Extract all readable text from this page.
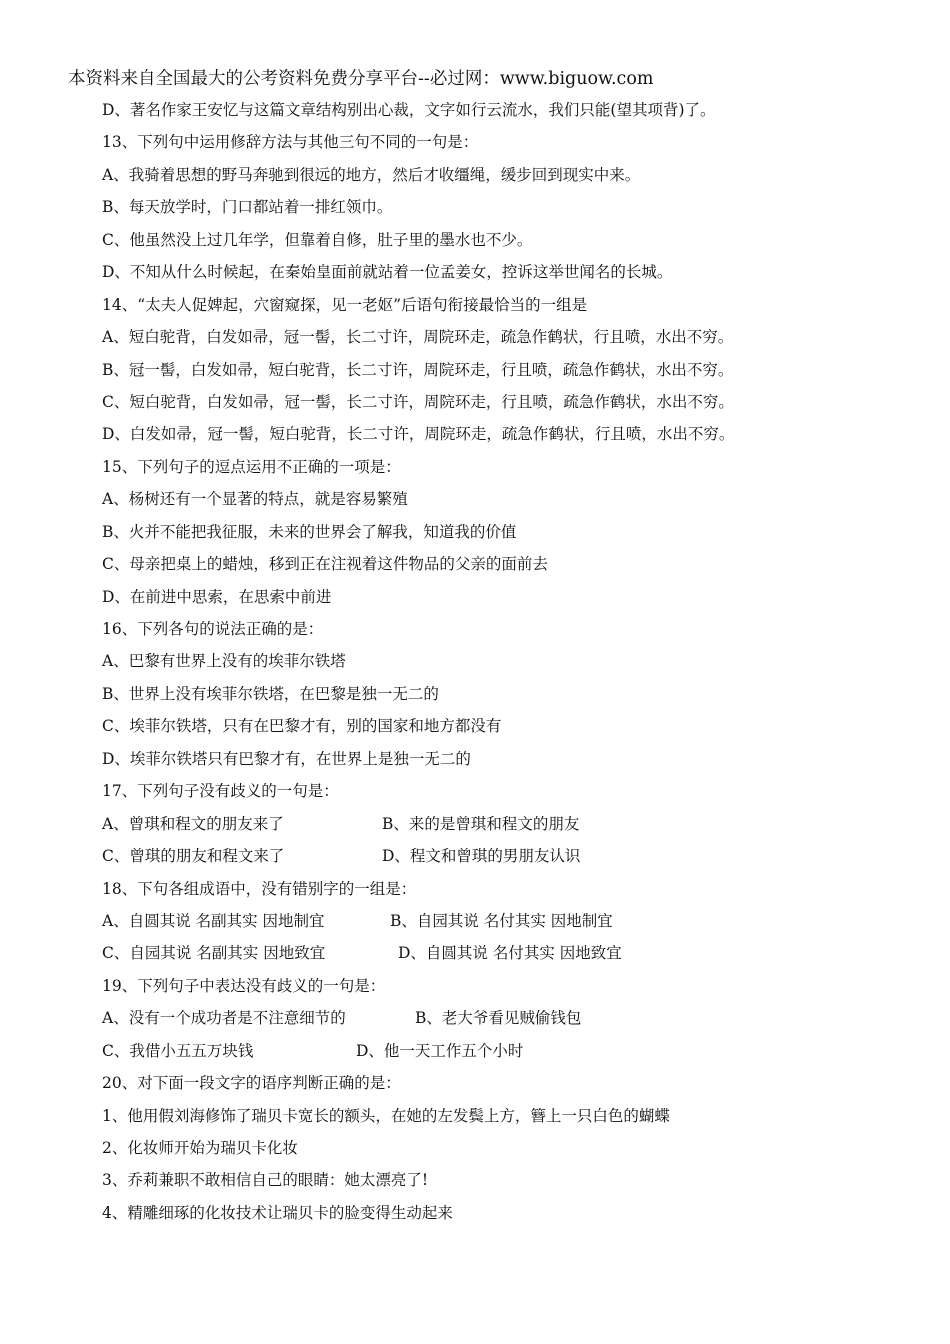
本资料来自全国最大的公考资料免费分享平台--必过网：www.biguow.com
D、著名作家王安忆与这篇文章结构别出心裁，文字如行云流水，我们只能(望其项背)了。
13、下列句中运用修辞方法与其他三句不同的一句是：
A、我骑着思想的野马奔驰到很远的地方，然后才收缰绳，缓步回到现实中来。
B、每天放学时，门口都站着一排红领巾。
C、他虽然没上过几年学，但靠着自修，肚子里的墨水也不少。
D、不知从什么时候起，在秦始皇面前就站着一位孟姜女，控诉这举世闻名的长城。
14、“太夫人促婢起，穴窗窥探，见一老妪”后语句衔接最恰当的一组是
A、短白驼背，白发如帚，冠一髻，长二寸许，周院环走，疏急作鹤状，行且喷，水出不穷。
B、冠一髻，白发如帚，短白驼背，长二寸许，周院环走，行且喷，疏急作鹤状，水出不穷。
C、短白驼背，白发如帚，冠一髻，长二寸许，周院环走，行且喷，疏急作鹤状，水出不穷。
D、白发如帚，冠一髻，短白驼背，长二寸许，周院环走，疏急作鹤状，行且喷，水出不穷。
15、下列句子的逗点运用不正确的一项是：
A、杨树还有一个显著的特点，就是容易繁殖
B、火并不能把我征服，未来的世界会了解我，知道我的价值
C、母亲把桌上的蜡烛，移到正在注视着这件物品的父亲的面前去
D、在前进中思索，在思索中前进
16、下列各句的说法正确的是：
A、巴黎有世界上没有的埃菲尔铁塔
B、世界上没有埃菲尔铁塔，在巴黎是独一无二的
C、埃菲尔铁塔，只有在巴黎才有，别的国家和地方都没有
D、埃菲尔铁塔只有巴黎才有，在世界上是独一无二的
17、下列句子没有歧义的一句是：
A、曾琪和程文的朋友来了	B、来的是曾琪和程文的朋友
C、曾琪的朋友和程文来了	D、程文和曾琪的男朋友认识
18、下句各组成语中，没有错别字的一组是：
A、自圆其说 名副其实 因地制宜	B、自园其说 名付其实 因地制宜
C、自园其说 名副其实 因地致宜	D、自圆其说 名付其实 因地致宜
19、下列句子中表达没有歧义的一句是：
A、没有一个成功者是不注意细节的	B、老大爷看见贼偷钱包
C、我借小五五万块钱	D、他一天工作五个小时
20、对下面一段文字的语序判断正确的是：
1、他用假刘海修饰了瑞贝卡宽长的额头，在她的左发鬓上方，簪上一只白色的蝴蝶
2、化妆师开始为瑞贝卡化妆
3、乔莉兼职不敢相信自己的眼睛：她太漂亮了!
4、精雕细琢的化妆技术让瑞贝卡的脸变得生动起来
